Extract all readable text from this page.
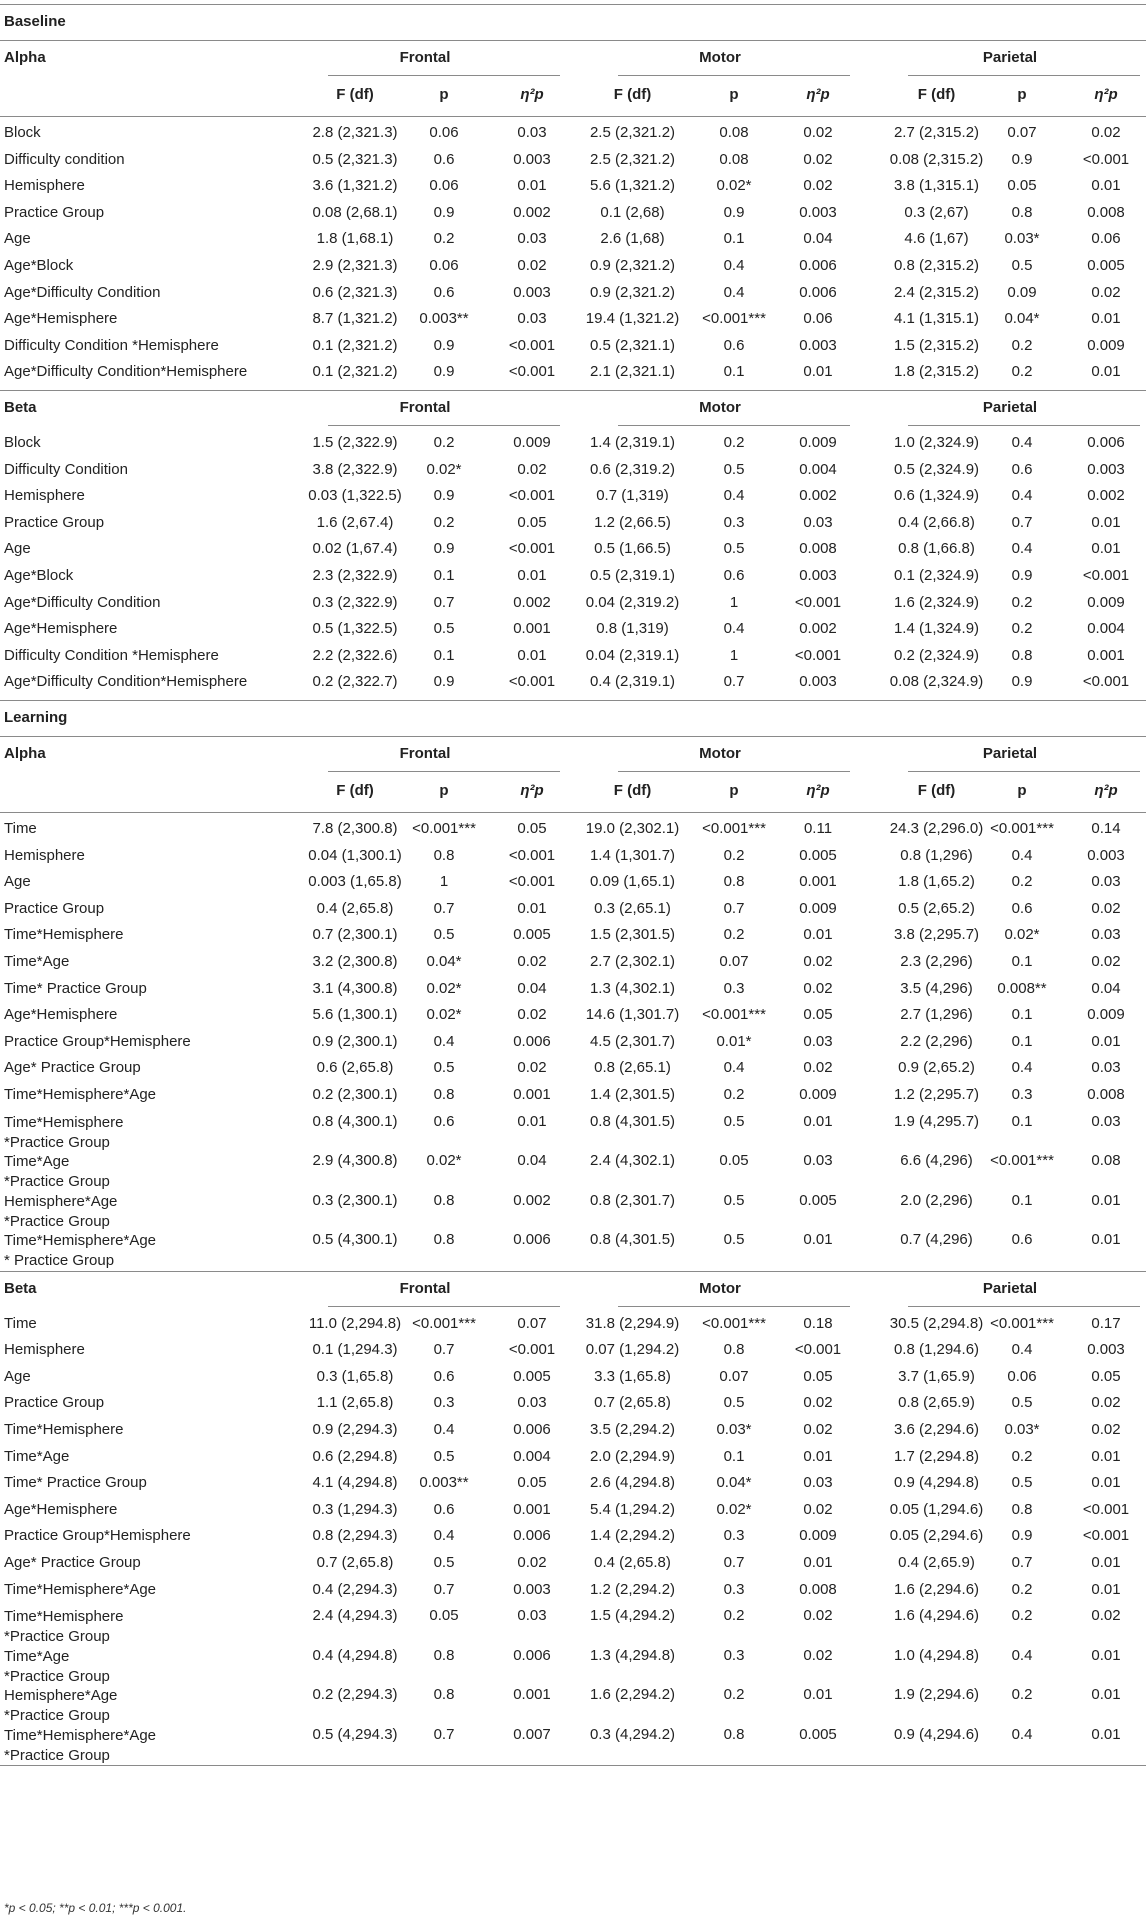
Baseline
Alpha	Frontal	Motor	Parietal
F (df)	p	η²p	F (df)	p	η²p	F (df)	p	η²p
Block	2.8 (2,321.3)	0.06	0.03	2.5 (2,321.2)	0.08	0.02	2.7 (2,315.2)	0.07	0.02
Difficulty condition	0.5 (2,321.3)	0.6	0.003	2.5 (2,321.2)	0.08	0.02	0.08 (2,315.2)	0.9	<0.001
Hemisphere	3.6 (1,321.2)	0.06	0.01	5.6 (1,321.2)	0.02*	0.02	3.8 (1,315.1)	0.05	0.01
Practice Group	0.08 (2,68.1)	0.9	0.002	0.1 (2,68)	0.9	0.003	0.3 (2,67)	0.8	0.008
Age	1.8 (1,68.1)	0.2	0.03	2.6 (1,68)	0.1	0.04	4.6 (1,67)	0.03*	0.06
Age*Block	2.9 (2,321.3)	0.06	0.02	0.9 (2,321.2)	0.4	0.006	0.8 (2,315.2)	0.5	0.005
Age*Difficulty Condition	0.6 (2,321.3)	0.6	0.003	0.9 (2,321.2)	0.4	0.006	2.4 (2,315.2)	0.09	0.02
Age*Hemisphere	8.7 (1,321.2)	0.003**	0.03	19.4 (1,321.2)	<0.001***	0.06	4.1 (1,315.1)	0.04*	0.01
Difficulty Condition *Hemisphere	0.1 (2,321.2)	0.9	<0.001	0.5 (2,321.1)	0.6	0.003	1.5 (2,315.2)	0.2	0.009
Age*Difficulty Condition*Hemisphere	0.1 (2,321.2)	0.9	<0.001	2.1 (2,321.1)	0.1	0.01	1.8 (2,315.2)	0.2	0.01
Beta	Frontal	Motor	Parietal
Block	1.5 (2,322.9)	0.2	0.009	1.4 (2,319.1)	0.2	0.009	1.0 (2,324.9)	0.4	0.006
Difficulty Condition	3.8 (2,322.9)	0.02*	0.02	0.6 (2,319.2)	0.5	0.004	0.5 (2,324.9)	0.6	0.003
Hemisphere	0.03 (1,322.5)	0.9	<0.001	0.7 (1,319)	0.4	0.002	0.6 (1,324.9)	0.4	0.002
Practice Group	1.6 (2,67.4)	0.2	0.05	1.2 (2,66.5)	0.3	0.03	0.4 (2,66.8)	0.7	0.01
Age	0.02 (1,67.4)	0.9	<0.001	0.5 (1,66.5)	0.5	0.008	0.8 (1,66.8)	0.4	0.01
Age*Block	2.3 (2,322.9)	0.1	0.01	0.5 (2,319.1)	0.6	0.003	0.1 (2,324.9)	0.9	<0.001
Age*Difficulty Condition	0.3 (2,322.9)	0.7	0.002	0.04 (2,319.2)	1	<0.001	1.6 (2,324.9)	0.2	0.009
Age*Hemisphere	0.5 (1,322.5)	0.5	0.001	0.8 (1,319)	0.4	0.002	1.4 (1,324.9)	0.2	0.004
Difficulty Condition *Hemisphere	2.2 (2,322.6)	0.1	0.01	0.04 (2,319.1)	1	<0.001	0.2 (2,324.9)	0.8	0.001
Age*Difficulty Condition*Hemisphere	0.2 (2,322.7)	0.9	<0.001	0.4 (2,319.1)	0.7	0.003	0.08 (2,324.9)	0.9	<0.001
Learning
Alpha	Frontal	Motor	Parietal
F (df)	p	η²p	F (df)	p	η²p	F (df)	p	η²p
Time	7.8 (2,300.8) <0.001***	0.05	19.0 (2,302.1)	<0.001***	0.11	24.3 (2,296.0) <0.001***	0.14
Hemisphere	0.04 (1,300.1)	0.8	<0.001	1.4 (1,301.7)	0.2	0.005	0.8 (1,296)	0.4	0.003
Age	0.003 (1,65.8)	1	<0.001	0.09 (1,65.1)	0.8	0.001	1.8 (1,65.2)	0.2	0.03
Practice Group	0.4 (2,65.8)	0.7	0.01	0.3 (2,65.1)	0.7	0.009	0.5 (2,65.2)	0.6	0.02
Time*Hemisphere	0.7 (2,300.1)	0.5	0.005	1.5 (2,301.5)	0.2	0.01	3.8 (2,295.7)	0.02*	0.03
Time*Age	3.2 (2,300.8)	0.04*	0.02	2.7 (2,302.1)	0.07	0.02	2.3 (2,296)	0.1	0.02
Time* Practice Group	3.1 (4,300.8)	0.02*	0.04	1.3 (4,302.1)	0.3	0.02	3.5 (4,296)	0.008**	0.04
Age*Hemisphere	5.6 (1,300.1)	0.02*	0.02	14.6 (1,301.7)	<0.001***	0.05	2.7 (1,296)	0.1	0.009
Practice Group*Hemisphere	0.9 (2,300.1)	0.4	0.006	4.5 (2,301.7)	0.01*	0.03	2.2 (2,296)	0.1	0.01
Age* Practice Group	0.6 (2,65.8)	0.5	0.02	0.8 (2,65.1)	0.4	0.02	0.9 (2,65.2)	0.4	0.03
Time*Hemisphere*Age	0.2 (2,300.1)	0.8	0.001	1.4 (2,301.5)	0.2	0.009	1.2 (2,295.7)	0.3	0.008
Time*Hemisphere
*Practice Group
0.8 (4,300.1)	0.6	0.01	0.8 (4,301.5)	0.5	0.01	1.9 (4,295.7)	0.1	0.03
Time*Age
*Practice Group
2.9 (4,300.8)	0.02*	0.04	2.4 (4,302.1)	0.05	0.03	6.6 (4,296)	<0.001***	0.08
Hemisphere*Age
*Practice Group
0.3 (2,300.1)	0.8	0.002	0.8 (2,301.7)	0.5	0.005	2.0 (2,296)	0.1	0.01
Time*Hemisphere*Age
* Practice Group
0.5 (4,300.1)	0.8	0.006	0.8 (4,301.5)	0.5	0.01	0.7 (4,296)	0.6	0.01
Beta	Frontal	Motor	Parietal
Time	11.0 (2,294.8) <0.001***	0.07	31.8 (2,294.9)	<0.001***	0.18	30.5 (2,294.8) <0.001***	0.17
Hemisphere	0.1 (1,294.3)	0.7	<0.001	0.07 (1,294.2)	0.8	<0.001	0.8 (1,294.6)	0.4	0.003
Age	0.3 (1,65.8)	0.6	0.005	3.3 (1,65.8)	0.07	0.05	3.7 (1,65.9)	0.06	0.05
Practice Group	1.1 (2,65.8)	0.3	0.03	0.7 (2,65.8)	0.5	0.02	0.8 (2,65.9)	0.5	0.02
Time*Hemisphere	0.9 (2,294.3)	0.4	0.006	3.5 (2,294.2)	0.03*	0.02	3.6 (2,294.6)	0.03*	0.02
Time*Age	0.6 (2,294.8)	0.5	0.004	2.0 (2,294.9)	0.1	0.01	1.7 (2,294.8)	0.2	0.01
Time* Practice Group	4.1 (4,294.8)	0.003**	0.05	2.6 (4,294.8)	0.04*	0.03	0.9 (4,294.8)	0.5	0.01
Age*Hemisphere	0.3 (1,294.3)	0.6	0.001	5.4 (1,294.2)	0.02*	0.02	0.05 (1,294.6)	0.8	<0.001
Practice Group*Hemisphere	0.8 (2,294.3)	0.4	0.006	1.4 (2,294.2)	0.3	0.009	0.05 (2,294.6)	0.9	<0.001
Age* Practice Group	0.7 (2,65.8)	0.5	0.02	0.4 (2,65.8)	0.7	0.01	0.4 (2,65.9)	0.7	0.01
Time*Hemisphere*Age	0.4 (2,294.3)	0.7	0.003	1.2 (2,294.2)	0.3	0.008	1.6 (2,294.6)	0.2	0.01
Time*Hemisphere
*Practice Group
2.4 (4,294.3)	0.05	0.03	1.5 (4,294.2)	0.2	0.02	1.6 (4,294.6)	0.2	0.02
Time*Age
*Practice Group
0.4 (4,294.8)	0.8	0.006	1.3 (4,294.8)	0.3	0.02	1.0 (4,294.8)	0.4	0.01
Hemisphere*Age
*Practice Group
0.2 (2,294.3)	0.8	0.001	1.6 (2,294.2)	0.2	0.01	1.9 (2,294.6)	0.2	0.01
Time*Hemisphere*Age
*Practice Group
0.5 (4,294.3)	0.7	0.007	0.3 (4,294.2)	0.8	0.005	0.9 (4,294.6)	0.4	0.01
*p < 0.05; **p < 0.01; ***p < 0.001.
